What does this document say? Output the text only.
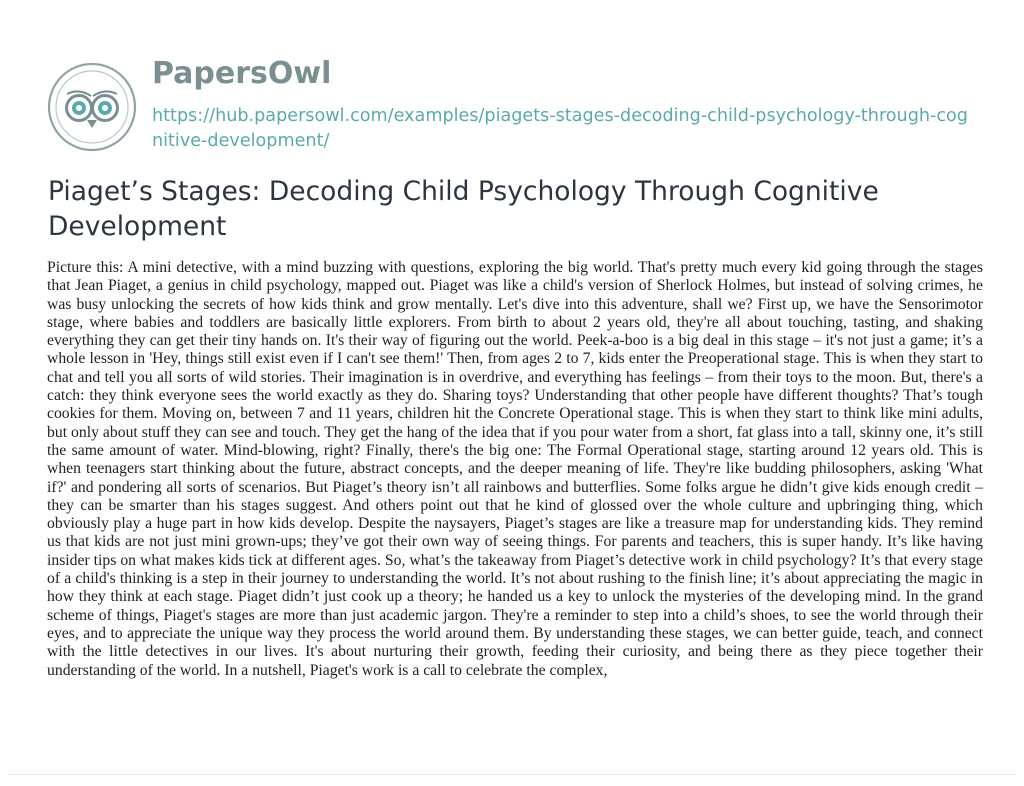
PapersOwl
https://hub.papersowl.com/examples/piagets-stages-decoding-child-psychology-through-cognitive-development/
Piaget’s Stages: Decoding Child Psychology Through Cognitive Development

Picture this: A mini detective, with a mind buzzing with questions, exploring the big world. That's pretty much every kid going through the stages that Jean Piaget, a genius in child psychology, mapped out. Piaget was like a child's version of Sherlock Holmes, but instead of solving crimes, he was busy unlocking the secrets of how kids think and grow mentally. Let's dive into this adventure, shall we? First up, we have the Sensorimotor stage, where babies and toddlers are basically little explorers. From birth to about 2 years old, they're all about touching, tasting, and shaking everything they can get their tiny hands on. It's their way of figuring out the world. Peek-a-boo is a big deal in this stage – it's not just a game; it’s a whole lesson in 'Hey, things still exist even if I can't see them!' Then, from ages 2 to 7, kids enter the Preoperational stage. This is when they start to chat and tell you all sorts of wild stories. Their imagination is in overdrive, and everything has feelings – from their toys to the moon. But, there's a catch: they think everyone sees the world exactly as they do. Sharing toys? Understanding that other people have different thoughts? That’s tough cookies for them. Moving on, between 7 and 11 years, children hit the Concrete Operational stage. This is when they start to think like mini adults, but only about stuff they can see and touch. They get the hang of the idea that if you pour water from a short, fat glass into a tall, skinny one, it’s still the same amount of water. Mind-blowing, right? Finally, there's the big one: The Formal Operational stage, starting around 12 years old. This is when teenagers start thinking about the future, abstract concepts, and the deeper meaning of life. They're like budding philosophers, asking 'What if?' and pondering all sorts of scenarios. But Piaget’s theory isn’t all rainbows and butterflies. Some folks argue he didn’t give kids enough credit – they can be smarter than his stages suggest. And others point out that he kind of glossed over the whole culture and upbringing thing, which obviously play a huge part in how kids develop. Despite the naysayers, Piaget’s stages are like a treasure map for understanding kids. They remind us that kids are not just mini grown-ups; they’ve got their own way of seeing things. For parents and teachers, this is super handy. It’s like having insider tips on what makes kids tick at different ages. So, what’s the takeaway from Piaget’s detective work in child psychology? It’s that every stage of a child's thinking is a step in their journey to understanding the world. It’s not about rushing to the finish line; it’s about appreciating the magic in how they think at each stage. Piaget didn’t just cook up a theory; he handed us a key to unlock the mysteries of the developing mind. In the grand scheme of things, Piaget's stages are more than just academic jargon. They're a reminder to step into a child’s shoes, to see the world through their eyes, and to appreciate the unique way they process the world around them. By understanding these stages, we can better guide, teach, and connect with the little detectives in our lives. It's about nurturing their growth, feeding their curiosity, and being there as they piece together their understanding of the world. In a nutshell, Piaget's work is a call to celebrate the complex,
